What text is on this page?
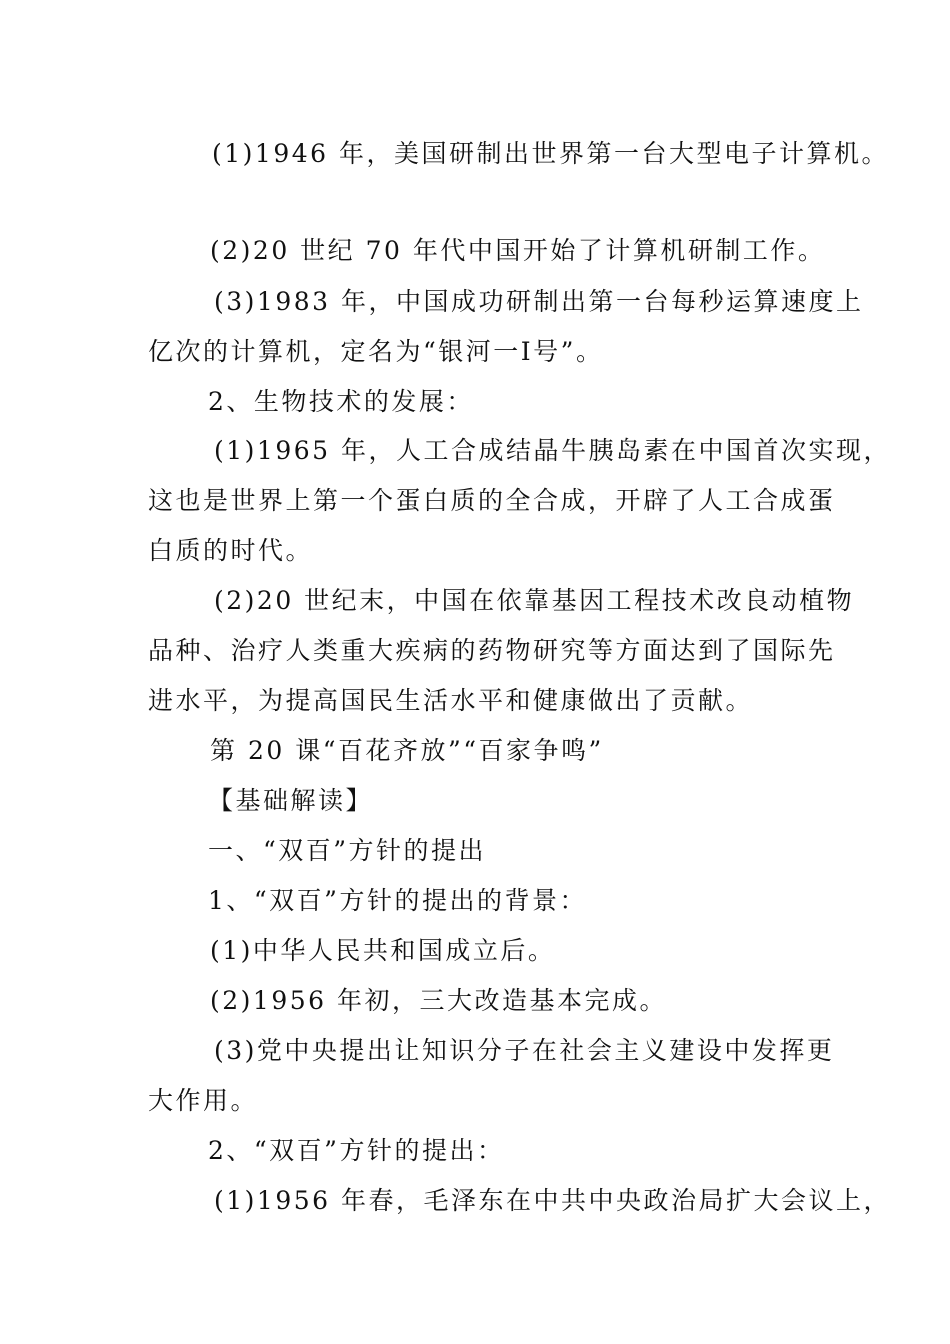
(1)1946 年，美国研制出世界第一台大型电子计算机。
(2)20 世纪 70 年代中国开始了计算机研制工作。
(3)1983 年，中国成功研制出第一台每秒运算速度上
亿次的计算机，定名为“银河一Ⅰ号”。
2、生物技术的发展：
(1)1965 年，人工合成结晶牛胰岛素在中国首次实现，
这也是世界上第一个蛋白质的全合成，开辟了人工合成蛋
白质的时代。
(2)20 世纪末，中国在依靠基因工程技术改良动植物
品种、治疗人类重大疾病的药物研究等方面达到了国际先
进水平，为提高国民生活水平和健康做出了贡献。
第 20 课“百花齐放”“百家争鸣”
【基础解读】
一、“双百”方针的提出
1、“双百”方针的提出的背景：
(1)中华人民共和国成立后。
(2)1956 年初，三大改造基本完成。
(3)党中央提出让知识分子在社会主义建设中发挥更
大作用。
2、“双百”方针的提出：
(1)1956 年春，毛泽东在中共中央政治局扩大会议上，
